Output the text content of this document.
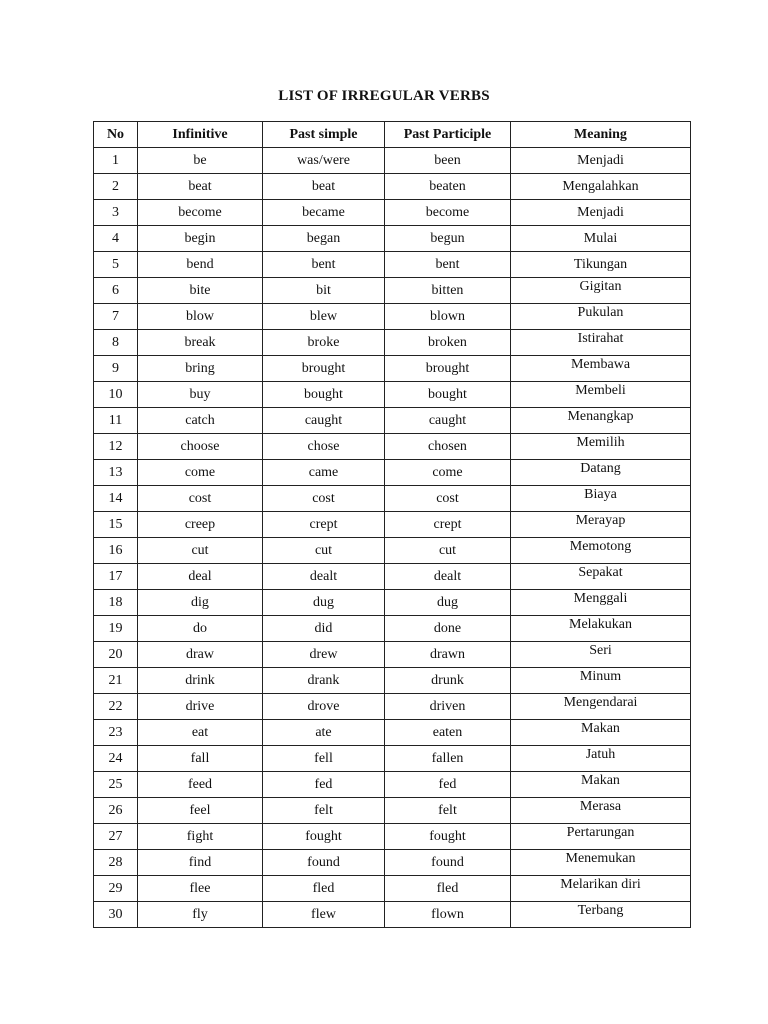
LIST OF IRREGULAR VERBS
No	Infinitive	Past simple	Past Participle	Meaning
1	be	was/were	been	Menjadi
2	beat	beat	beaten	Mengalahkan
3	become	became	become	Menjadi
4	begin	began	begun	Mulai
5	bend	bent	bent	Tikungan
6	bite	bit	bitten	Gigitan
7	blow	blew	blown	Pukulan
8	break	broke	broken	Istirahat
9	bring	brought	brought	Membawa
10	buy	bought	bought	Membeli
11	catch	caught	caught	Menangkap
12	choose	chose	chosen	Memilih
13	come	came	come	Datang
14	cost	cost	cost	Biaya
15	creep	crept	crept	Merayap
16	cut	cut	cut	Memotong
17	deal	dealt	dealt	Sepakat
18	dig	dug	dug	Menggali
19	do	did	done	Melakukan
20	draw	drew	drawn	Seri
21	drink	drank	drunk	Minum
22	drive	drove	driven	Mengendarai
23	eat	ate	eaten	Makan
24	fall	fell	fallen	Jatuh
25	feed	fed	fed	Makan
26	feel	felt	felt	Merasa
27	fight	fought	fought	Pertarungan
28	find	found	found	Menemukan
29	flee	fled	fled	Melarikan diri
30	fly	flew	flown	Terbang
